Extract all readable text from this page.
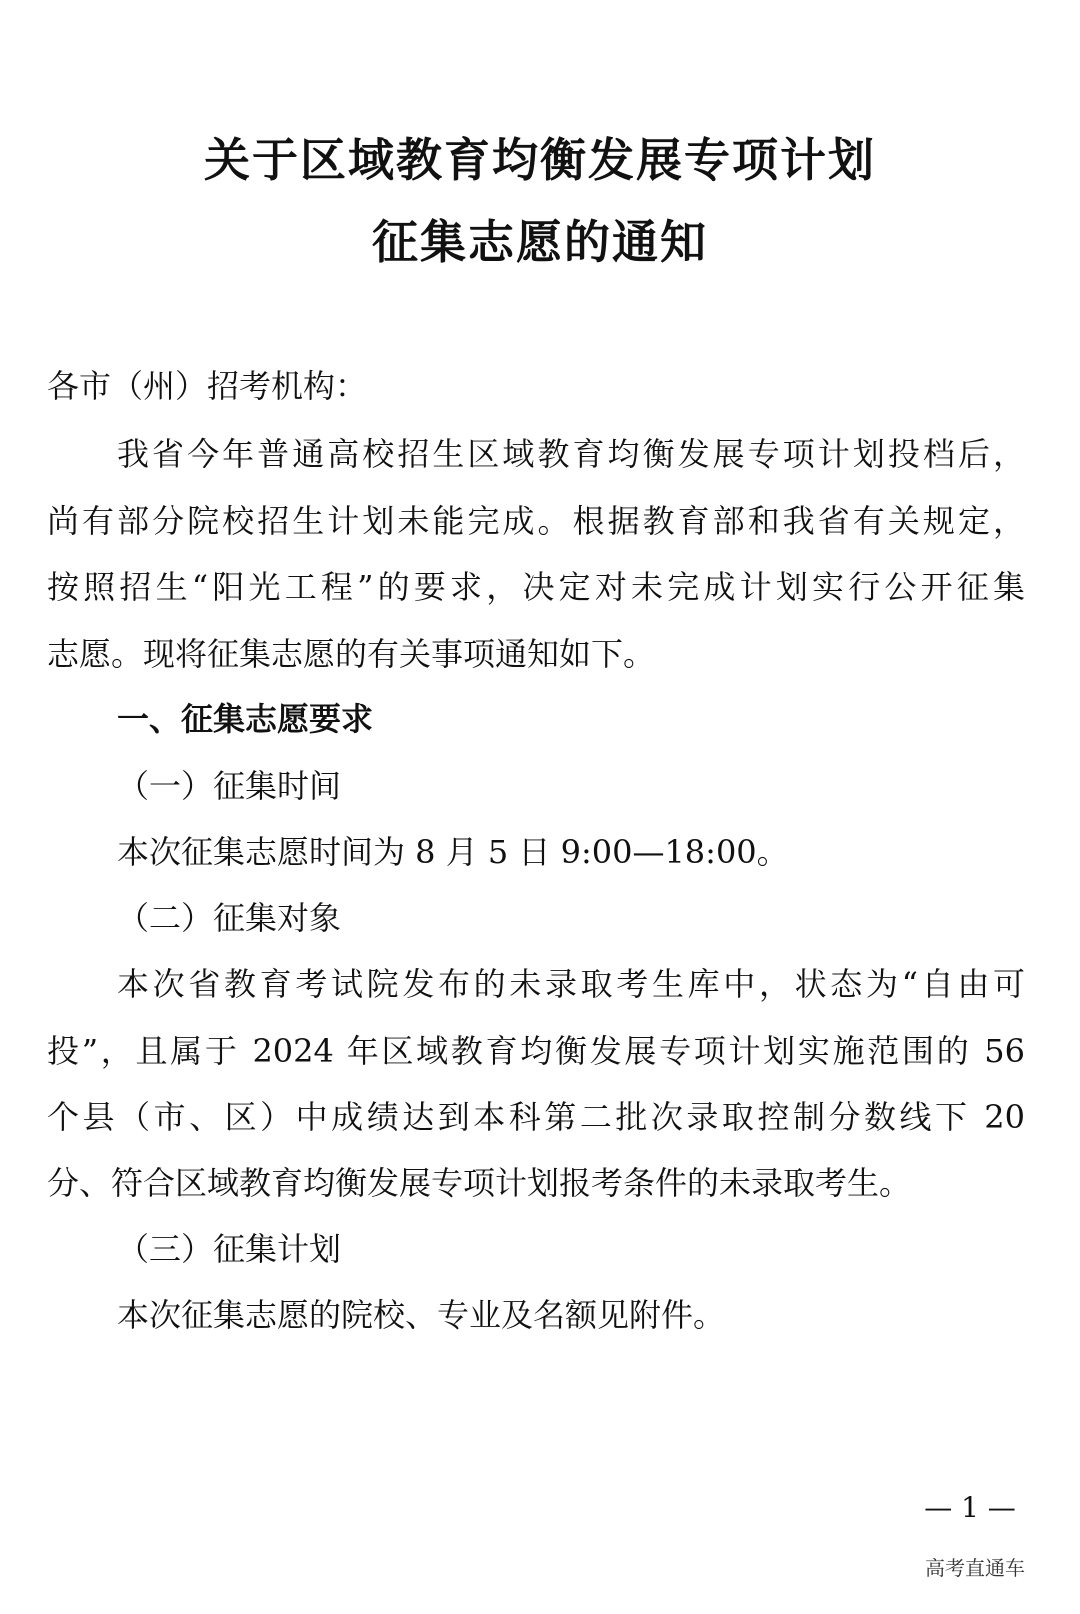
关于区域教育均衡发展专项计划
征集志愿的通知
各市（州）招考机构：
我省今年普通高校招生区域教育均衡发展专项计划投档后，
尚有部分院校招生计划未能完成。根据教育部和我省有关规定，
按照招生“阳光工程”的要求，决定对未完成计划实行公开征集
志愿。现将征集志愿的有关事项通知如下。
一、征集志愿要求
（一）征集时间
本次征集志愿时间为 8 月 5 日 9:00—18:00。
（二）征集对象
本次省教育考试院发布的未录取考生库中，状态为“自由可
投”，且属于 2024 年区域教育均衡发展专项计划实施范围的 56
个县（市、区）中成绩达到本科第二批次录取控制分数线下 20
分、符合区域教育均衡发展专项计划报考条件的未录取考生。
（三）征集计划
本次征集志愿的院校、专业及名额见附件。
— 1 —
高考直通车
